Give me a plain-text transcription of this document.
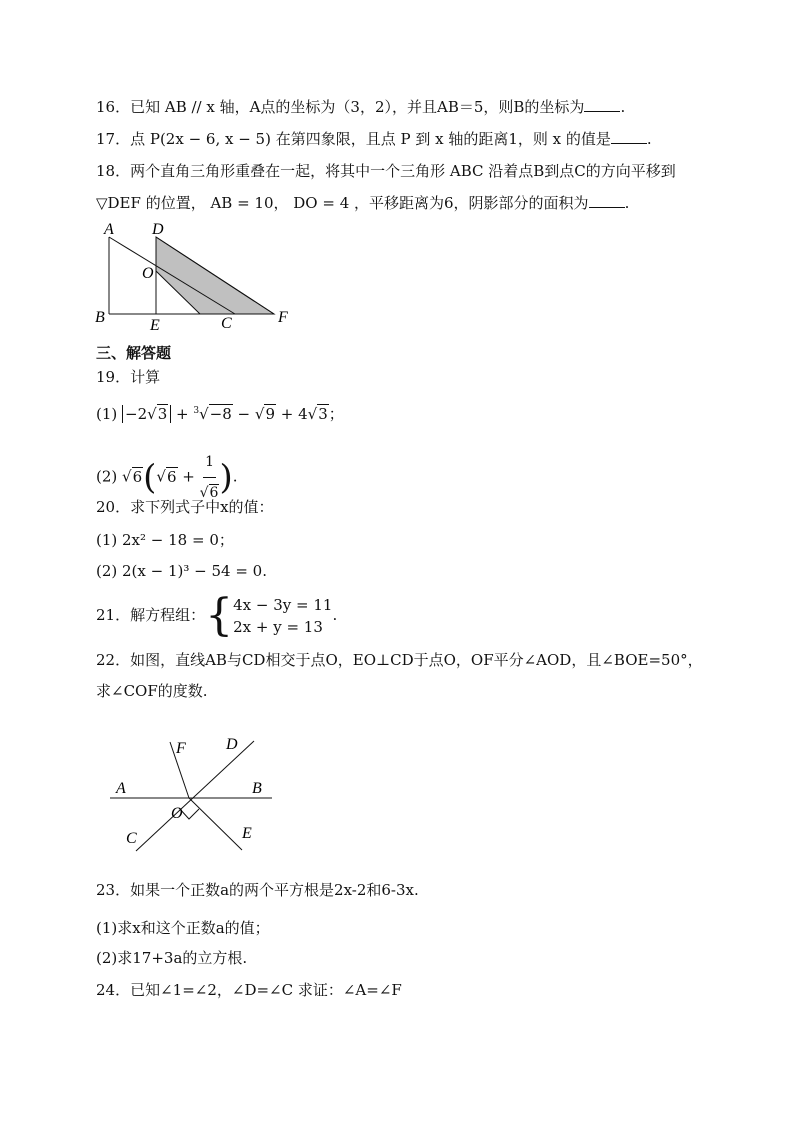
16．已知 AB // x 轴，A点的坐标为（3，2），并且AB＝5，则B的坐标为 .
17．点 P(2x − 6, x − 5) 在第四象限，且点 P 到 x 轴的距离1，则 x 的值是 .
18．两个直角三角形重叠在一起，将其中一个三角形 ABC 沿着点B到点C的方向平移到
▽DEF 的位置， AB = 10， DO = 4 ，平移距离为6，阴影部分的面积为 .
A D
O
B	E	C	F
三、解答题
19．计算
(1) −2√3 + $^3$√−8 − √9 + 4√3；
(2) $√6(√6 + \frac{1}{√6}$ ).
20．求下列式子中x的值：
(1) 2x² − 18 = 0；
(2) 2(x − 1)³ − 54 = 0.
21．解方程组： { 4x − 3y = 11
2x + y = 13
.
22．如图，直线AB与CD相交于点O，EO⊥CD于点O，OF平分∠AOD，且∠BOE=50°，
求∠COF的度数.
F	D
A	B
O
C	E
23．如果一个正数a的两个平方根是2x-2和6-3x.
(1)求x和这个正数a的值；
(2)求17+3a的立方根.
24．已知∠1=∠2，∠D=∠C 求证：∠A=∠F
